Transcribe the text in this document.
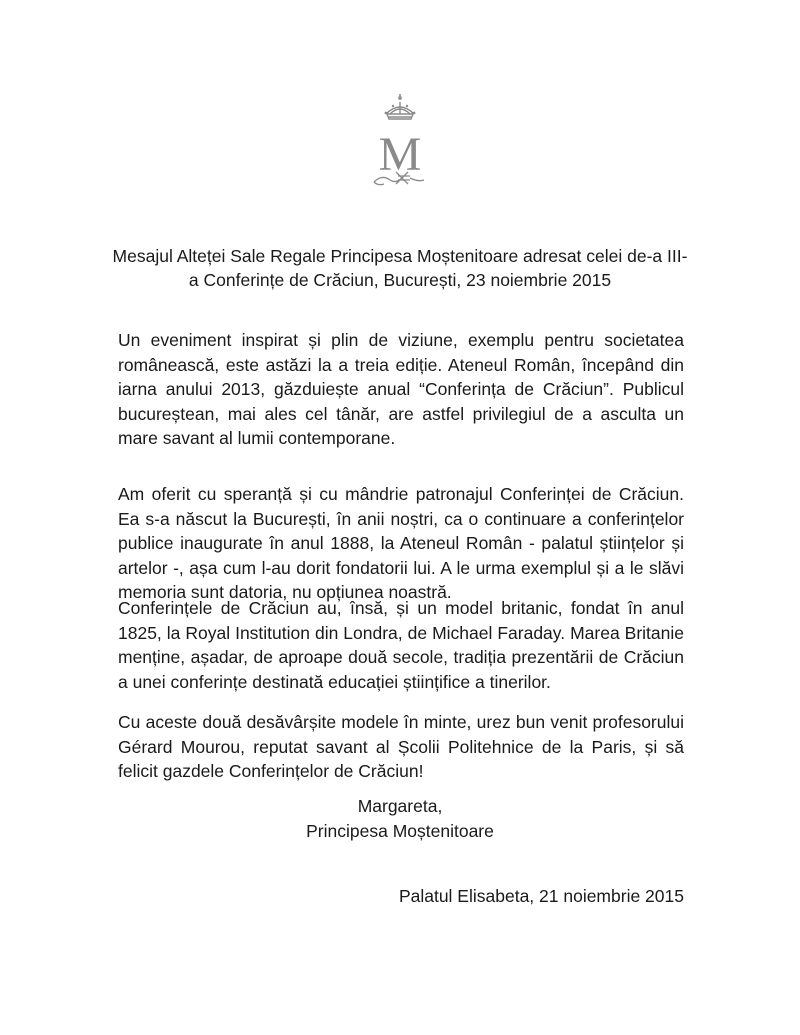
M

Mesajul Alteței Sale Regale Principesa Moștenitoare adresat celei de-a III-a Conferințe de Crăciun, București, 23 noiembrie 2015

Un eveniment inspirat și plin de viziune, exemplu pentru societatea românească, este astăzi la a treia ediție. Ateneul Român, începând din iarna anului 2013, găzduiește anual “Conferința de Crăciun”. Publicul bucureștean, mai ales cel tânăr, are astfel privilegiul de a asculta un mare savant al lumii contemporane.

Am oferit cu speranță și cu mândrie patronajul Conferinței de Crăciun. Ea s-a născut la București, în anii noștri, ca o continuare a conferințelor publice inaugurate în anul 1888, la Ateneul Român - palatul științelor și artelor -, așa cum l-au dorit fondatorii lui. A le urma exemplul și a le slăvi memoria sunt datoria, nu opțiunea noastră.

Conferințele de Crăciun au, însă, și un model britanic, fondat în anul 1825, la Royal Institution din Londra, de Michael Faraday. Marea Britanie menține, așadar, de aproape două secole, tradiția prezentării de Crăciun a unei conferințe destinată educației științifice a tinerilor.

Cu aceste două desăvârșite modele în minte, urez bun venit profesorului Gérard Mourou, reputat savant al Școlii Politehnice de la Paris, și să felicit gazdele Conferințelor de Crăciun!

Margareta,
Principesa Moștenitoare

Palatul Elisabeta, 21 noiembrie 2015
